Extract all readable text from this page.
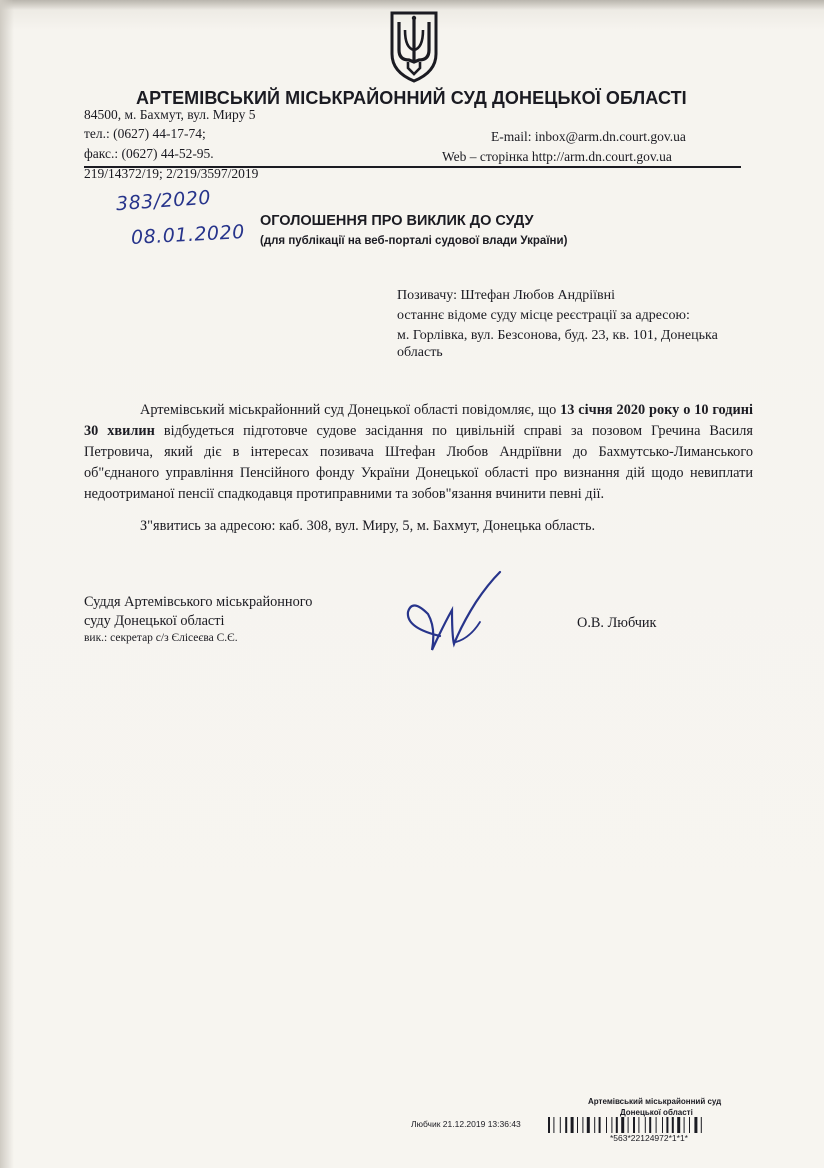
АРТЕМІВСЬКИЙ МІСЬКРАЙОННИЙ СУД ДОНЕЦЬКОЇ ОБЛАСТІ
84500, м. Бахмут, вул. Миру 5
тел.: (0627) 44-17-74;
факс.: (0627) 44-52-95.
E-mail: inbox@arm.dn.court.gov.ua
Web – сторінка http://arm.dn.court.gov.ua
219/14372/19; 2/219/3597/2019
383/2020
08.01.2020
ОГОЛОШЕННЯ ПРО ВИКЛИК ДО СУДУ
(для публікації на веб-порталі судової влади України)
Позивачу: Штефан Любов Андріївні
останнє відоме суду місце реєстрації за адресою:
м. Горлівка, вул. Безсонова, буд. 23, кв. 101, Донецька
область

Артемівський міськрайонний суд Донецької області повідомляє, що 13 січня 2020 року о 10 годині 30 хвилин відбудеться підготовче судове засідання по цивільній справі за позовом Гречина Василя Петровича, який діє в інтересах позивача Штефан Любов Андріївни до Бахмутсько-Лиманського об"єднаного управління Пенсійного фонду України Донецької області про визнання дій щодо невиплати недоотриманої пенсії спадкодавця протиправними та зобов"язання вчинити певні дії.

З"явитись за адресою: каб. 308, вул. Миру, 5, м. Бахмут, Донецька область.
Суддя Артемівського міськрайонного
суду Донецької області
вик.: секретар с/з Єлісеєва С.Є.
О.В. Любчик
Артемівський міськрайонний суд
Донецької області
Любчик 21.12.2019 13:36:43
*563*22124972*1*1*
